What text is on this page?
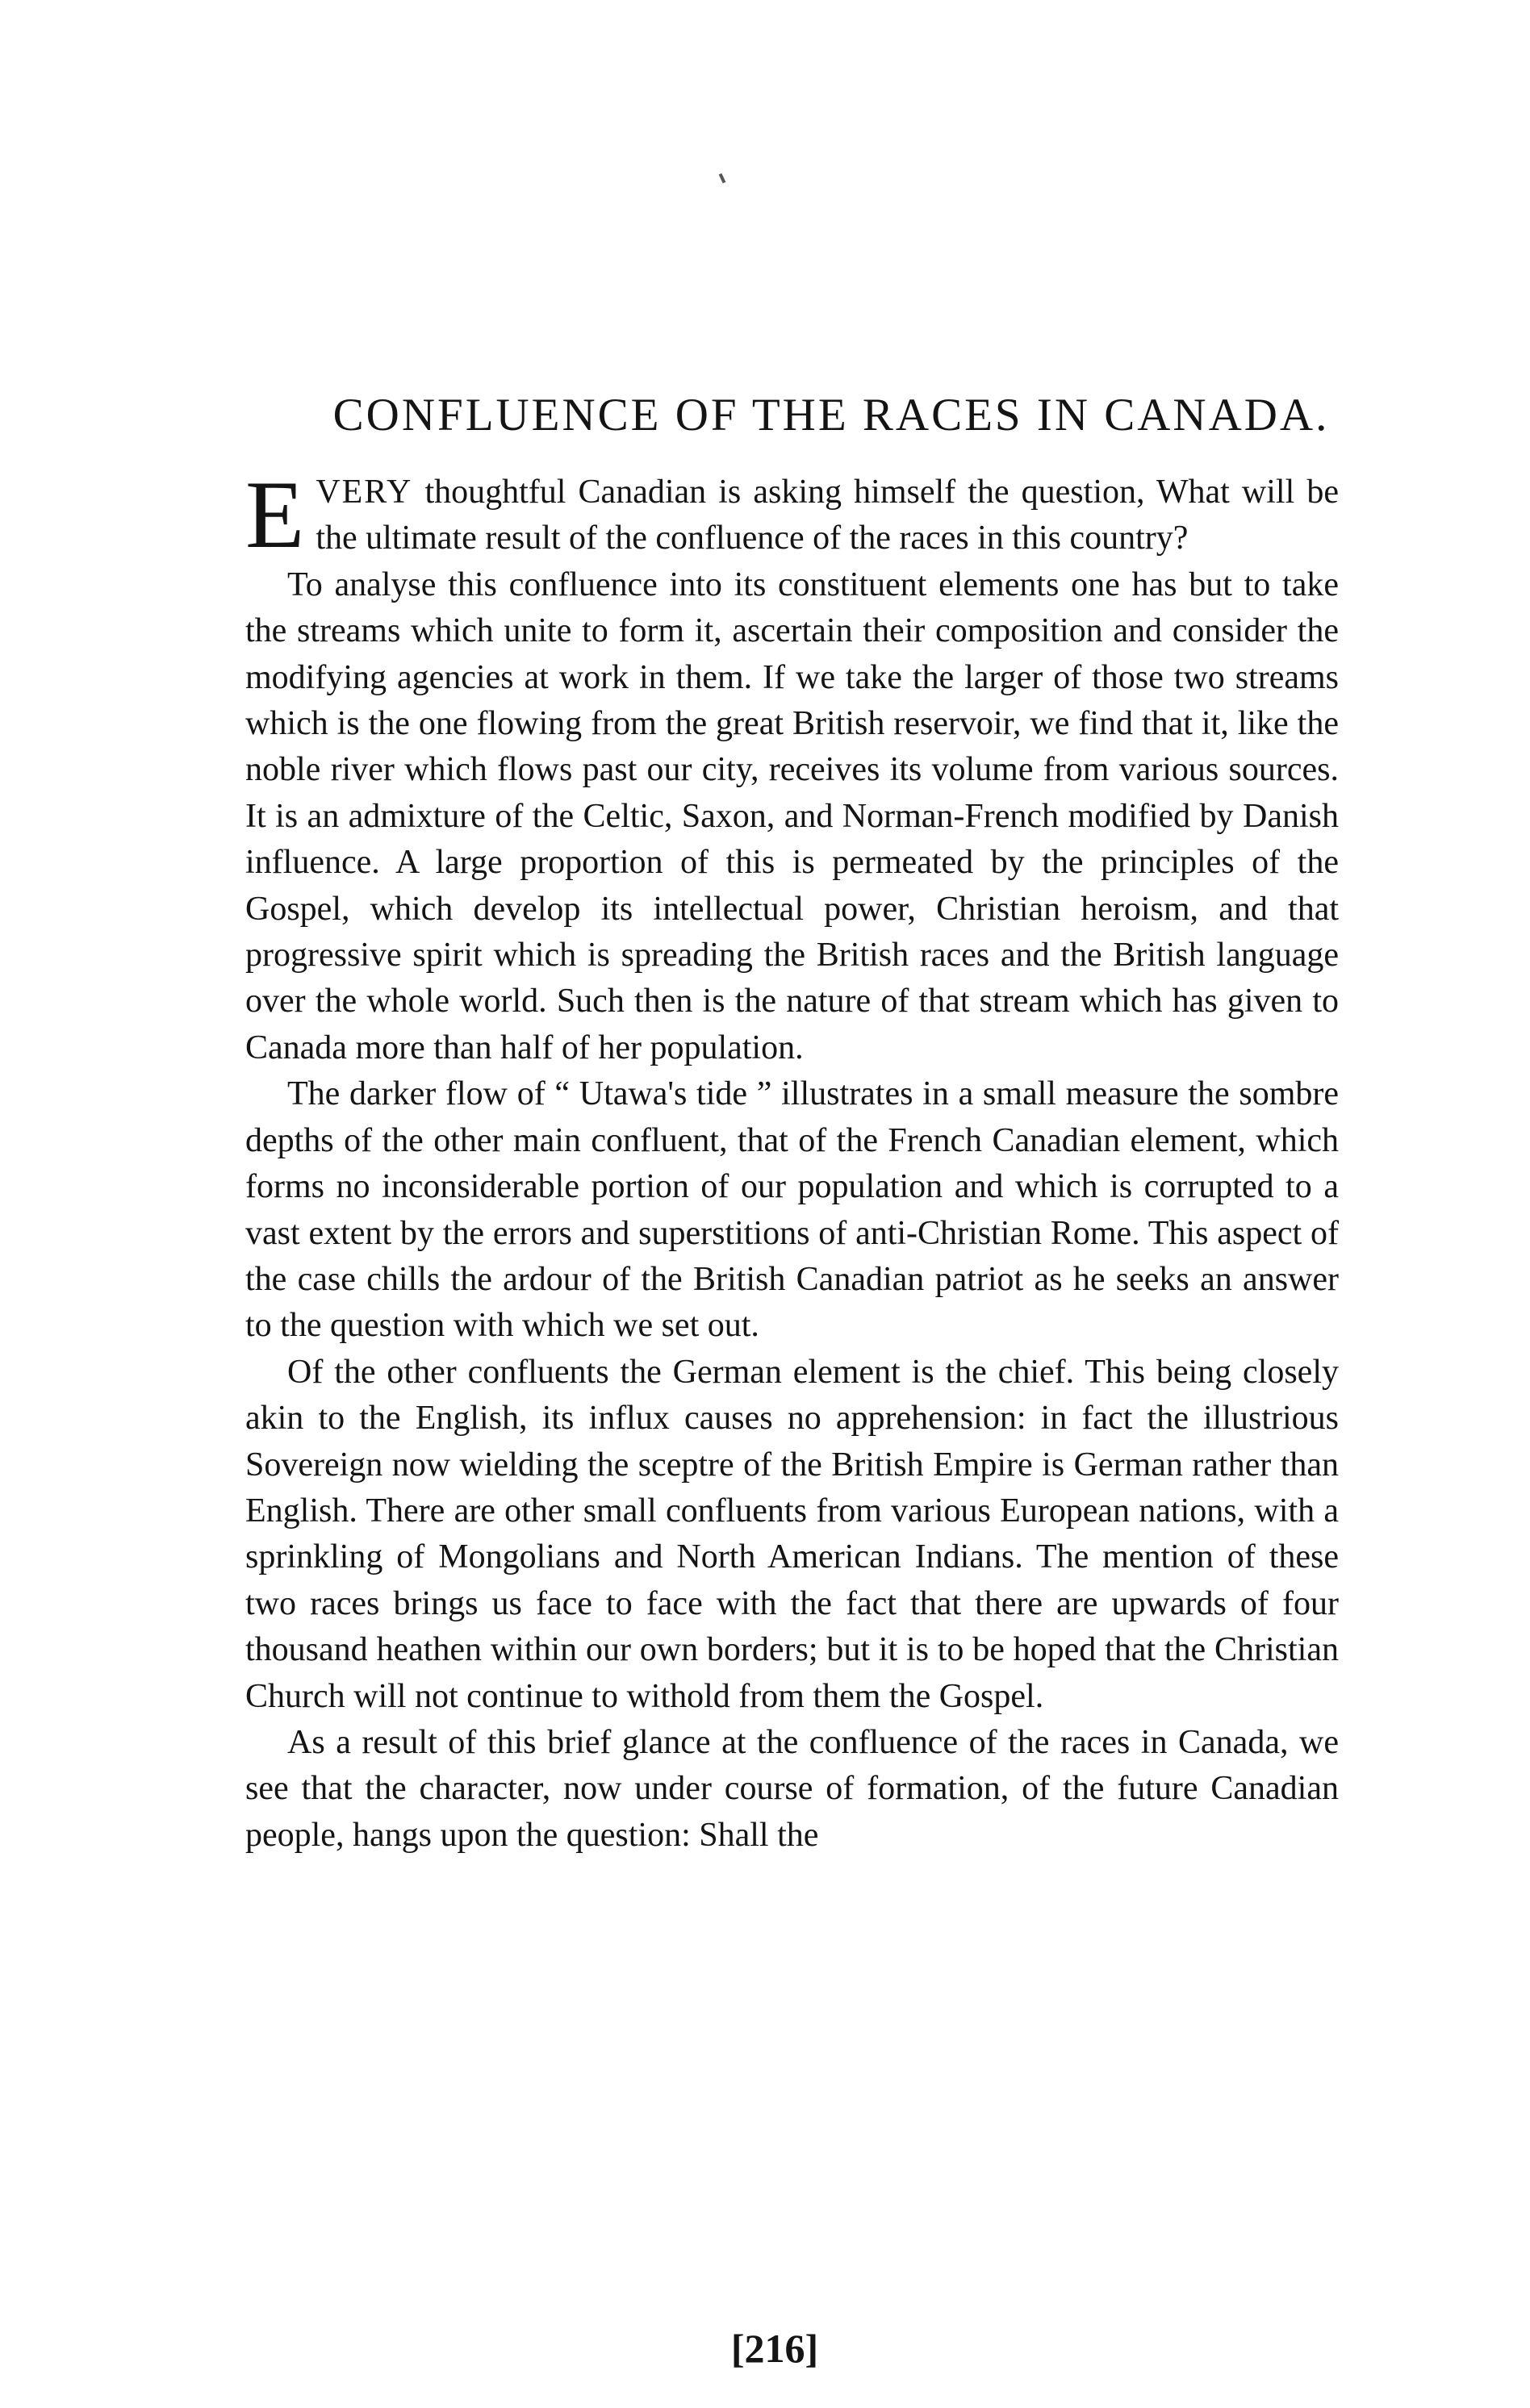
CONFLUENCE OF THE RACES IN CANADA.

EVERY thoughtful Canadian is asking himself the question, What will be the ultimate result of the confluence of the races in this country?

To analyse this confluence into its constituent elements one has but to take the streams which unite to form it, ascertain their composition and consider the modifying agencies at work in them. If we take the larger of those two streams which is the one flowing from the great British reservoir, we find that it, like the noble river which flows past our city, receives its volume from various sources. It is an admixture of the Celtic, Saxon, and Norman-French modified by Danish influence. A large proportion of this is permeated by the principles of the Gospel, which develop its intellectual power, Christian heroism, and that progressive spirit which is spreading the British races and the British language over the whole world. Such then is the nature of that stream which has given to Canada more than half of her population.

The darker flow of “ Utawa's tide ” illustrates in a small measure the sombre depths of the other main confluent, that of the French Canadian element, which forms no inconsiderable portion of our population and which is corrupted to a vast extent by the errors and superstitions of anti-Christian Rome. This aspect of the case chills the ardour of the British Canadian patriot as he seeks an answer to the question with which we set out.

Of the other confluents the German element is the chief. This being closely akin to the English, its influx causes no apprehension: in fact the illustrious Sovereign now wielding the sceptre of the British Empire is German rather than English. There are other small confluents from various European nations, with a sprinkling of Mongolians and North American Indians. The mention of these two races brings us face to face with the fact that there are upwards of four thousand heathen within our own borders; but it is to be hoped that the Christian Church will not continue to withold from them the Gospel.

As a result of this brief glance at the confluence of the races in Canada, we see that the character, now under course of formation, of the future Canadian people, hangs upon the question: Shall the

[216]
